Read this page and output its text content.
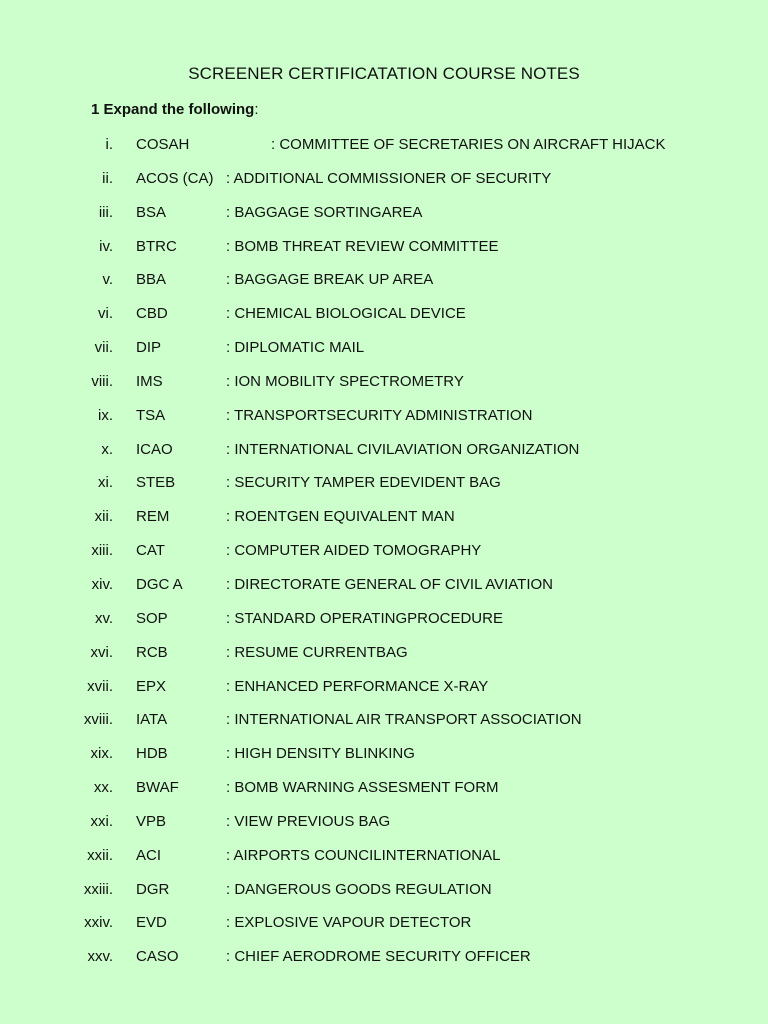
SCREENER CERTIFICATATION COURSE NOTES
1 Expand the following:
i. COSAH	: COMMITTEE OF SECRETARIES ON AIRCRAFT HIJACK
ii. ACOS (CA) : ADDITIONAL COMMISSIONER OF SECURITY
iii. BSA	: BAGGAGE SORTINGAREA
iv. BTRC	: BOMB THREAT REVIEW COMMITTEE
v. BBA	: BAGGAGE BREAK UP AREA
vi. CBD	: CHEMICAL BIOLOGICAL DEVICE
vii. DIP	: DIPLOMATIC MAIL
viii. IMS	: ION MOBILITY SPECTROMETRY
ix. TSA	: TRANSPORTSECURITY ADMINISTRATION
x. ICAO	: INTERNATIONAL CIVILAVIATION ORGANIZATION
xi. STEB	: SECURITY TAMPER EDEVIDENT BAG
xii. REM	: ROENTGEN EQUIVALENT MAN
xiii. CAT	: COMPUTER AIDED TOMOGRAPHY
xiv. DGC A	: DIRECTORATE GENERAL OF CIVIL AVIATION
xv. SOP	: STANDARD OPERATINGPROCEDURE
xvi. RCB	: RESUME CURRENTBAG
xvii. EPX	: ENHANCED PERFORMANCE X-RAY
xviii. IATA	: INTERNATIONAL AIR TRANSPORT ASSOCIATION
xix. HDB	: HIGH DENSITY BLINKING
xx. BWAF	: BOMB WARNING ASSESMENT FORM
xxi. VPB	: VIEW PREVIOUS BAG
xxii. ACI	: AIRPORTS COUNCILINTERNATIONAL
xxiii. DGR	: DANGEROUS GOODS REGULATION
xxiv. EVD	: EXPLOSIVE VAPOUR DETECTOR
xxv. CASO	: CHIEF AERODROME SECURITY OFFICER
